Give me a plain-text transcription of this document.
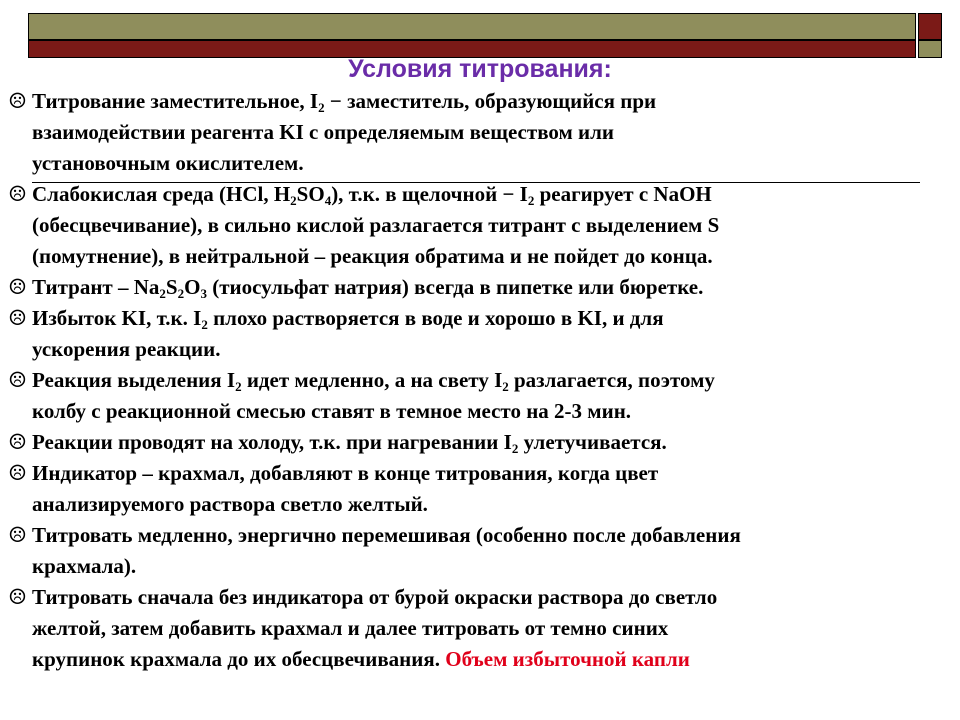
Условия титрования:
☹ Титрование заместительное, $I_2$ − заместитель, образующийся при
взаимодействии реагента KI с определяемым веществом или
установочным окислителем.
☹ Слабокислая среда (HCl, $H_2SO_4$), т.к. в щелочной − $I_2$ реагирует с NaOH
(обесцвечивание), в сильно кислой разлагается титрант с выделением S
(помутнение), в нейтральной – реакция обратима и не пойдет до конца.
☹ Титрант – $Na_2S_2O_3$ (тиосульфат натрия) всегда в пипетке или бюретке.
☹ Избыток KI, т.к. $I_2$ плохо растворяется в воде и хорошо в KI, и для
ускорения реакции.
☹ Реакция выделения $I_2$ идет медленно, а на свету $I_2$ разлагается, поэтому
колбу с реакционной смесью ставят в темное место на 2-3 мин.
☹ Реакции проводят на холоду, т.к. при нагревании $I_2$ улетучивается.
☹ Индикатор – крахмал, добавляют в конце титрования, когда цвет
анализируемого раствора светло желтый.
☹ Титровать медленно, энергично перемешивая (особенно после добавления
крахмала).
☹ Титровать сначала без индикатора от бурой окраски раствора до светло
желтой, затем добавить крахмал и далее титровать от темно синих
крупинок крахмала до их обесцвечивания. Объем избыточной капли
